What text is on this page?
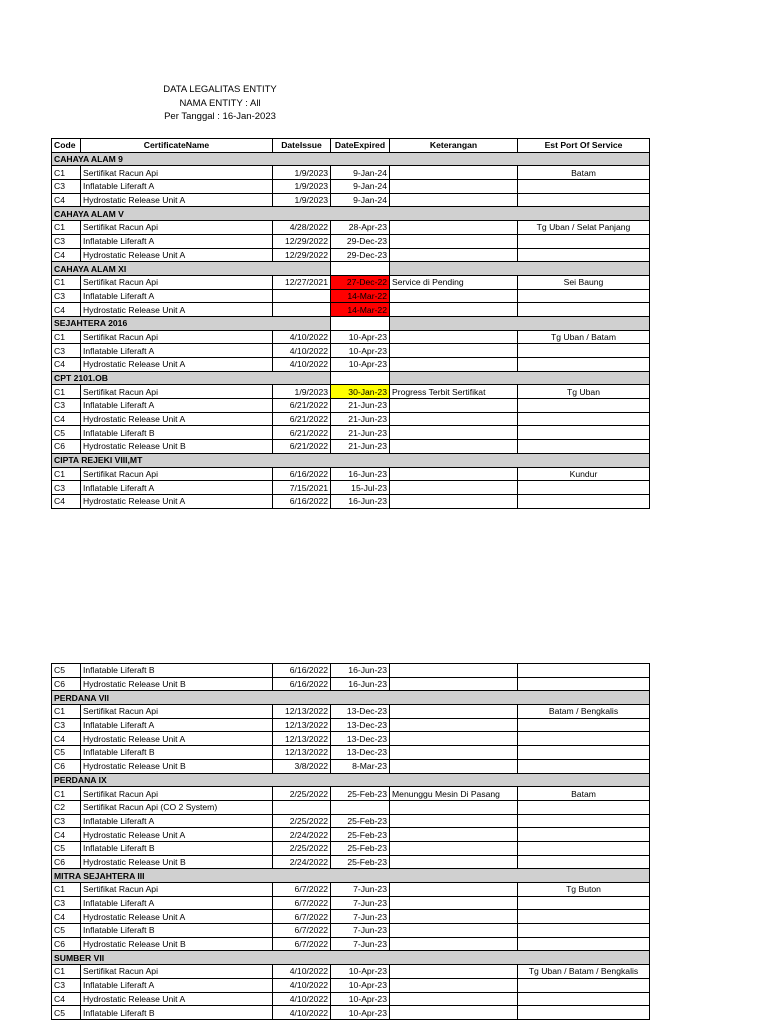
DATA LEGALITAS ENTITY
NAMA ENTITY : All
Per Tanggal : 16-Jan-2023
Code	CertificateName	DateIssue	DateExpired	Keterangan	Est Port Of Service
CAHAYA ALAM 9					
C1	Sertifikat Racun Api	1/9/2023	9-Jan-24		Batam
C3	Inflatable Liferaft A	1/9/2023	9-Jan-24		
C4	Hydrostatic Release Unit A	1/9/2023	9-Jan-24		
CAHAYA ALAM V					
C1	Sertifikat Racun Api	4/28/2022	28-Apr-23		Tg Uban / Selat Panjang
C3	Inflatable Liferaft A	12/29/2022	29-Dec-23		
C4	Hydrostatic Release Unit A	12/29/2022	29-Dec-23		
CAHAYA ALAM XI					
C1	Sertifikat Racun Api	12/27/2021	27-Dec-22	Service di Pending	Sei Baung
C3	Inflatable Liferaft A		14-Mar-22		
C4	Hydrostatic Release Unit A		14-Mar-22		
SEJAHTERA 2016					
C1	Sertifikat Racun Api	4/10/2022	10-Apr-23		Tg Uban / Batam
C3	Inflatable Liferaft A	4/10/2022	10-Apr-23		
C4	Hydrostatic Release Unit A	4/10/2022	10-Apr-23		
CPT 2101.OB					
C1	Sertifikat Racun Api	1/9/2023	30-Jan-23	Progress Terbit Sertifikat	Tg Uban
C3	Inflatable Liferaft A	6/21/2022	21-Jun-23		
C4	Hydrostatic Release Unit A	6/21/2022	21-Jun-23		
C5	Inflatable Liferaft B	6/21/2022	21-Jun-23		
C6	Hydrostatic Release Unit B	6/21/2022	21-Jun-23		
CIPTA REJEKI VIII,MT					
C1	Sertifikat Racun Api	6/16/2022	16-Jun-23		Kundur
C3	Inflatable Liferaft A	7/15/2021	15-Jul-23		
C4	Hydrostatic Release Unit A	6/16/2022	16-Jun-23		
C5	Inflatable Liferaft B	6/16/2022	16-Jun-23		
C6	Hydrostatic Release Unit B	6/16/2022	16-Jun-23		
PERDANA VII					
C1	Sertifikat Racun Api	12/13/2022	13-Dec-23		Batam / Bengkalis
C3	Inflatable Liferaft A	12/13/2022	13-Dec-23		
C4	Hydrostatic Release Unit A	12/13/2022	13-Dec-23		
C5	Inflatable Liferaft B	12/13/2022	13-Dec-23		
C6	Hydrostatic Release Unit B	3/8/2022	8-Mar-23		
PERDANA IX					
C1	Sertifikat Racun Api	2/25/2022	25-Feb-23	Menunggu Mesin Di Pasang	Batam
C2	Sertifikat Racun Api (CO 2 System)				
C3	Inflatable Liferaft A	2/25/2022	25-Feb-23		
C4	Hydrostatic Release Unit A	2/24/2022	25-Feb-23		
C5	Inflatable Liferaft B	2/25/2022	25-Feb-23		
C6	Hydrostatic Release Unit B	2/24/2022	25-Feb-23		
MITRA SEJAHTERA III					
C1	Sertifikat Racun Api	6/7/2022	7-Jun-23		Tg Buton
C3	Inflatable Liferaft A	6/7/2022	7-Jun-23		
C4	Hydrostatic Release Unit A	6/7/2022	7-Jun-23		
C5	Inflatable Liferaft B	6/7/2022	7-Jun-23		
C6	Hydrostatic Release Unit B	6/7/2022	7-Jun-23		
SUMBER VII					
C1	Sertifikat Racun Api	4/10/2022	10-Apr-23		Tg Uban / Batam / Bengkalis
C3	Inflatable Liferaft A	4/10/2022	10-Apr-23		
C4	Hydrostatic Release Unit A	4/10/2022	10-Apr-23		
C5	Inflatable Liferaft B	4/10/2022	10-Apr-23		
